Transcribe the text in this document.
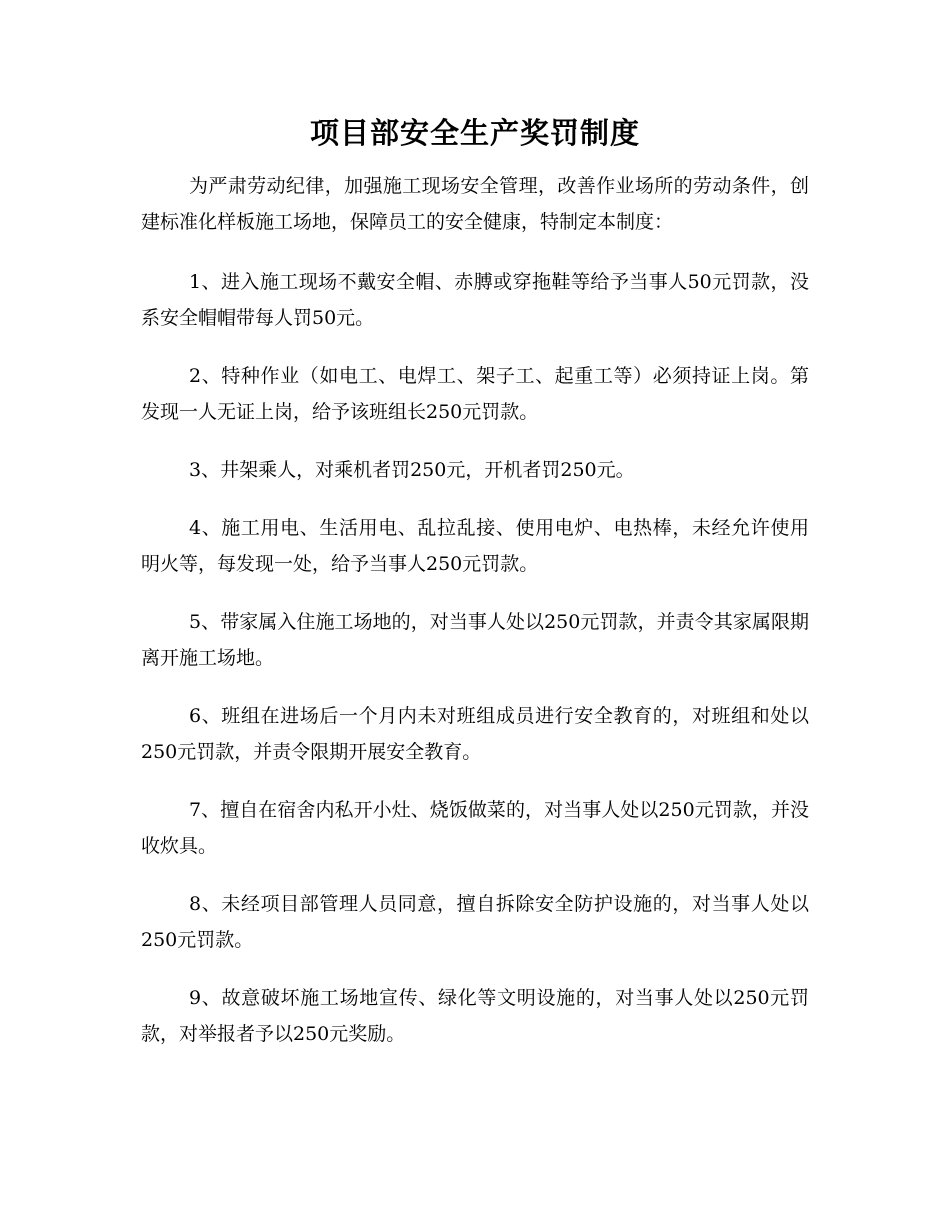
项目部安全生产奖罚制度

为严肃劳动纪律，加强施工现场安全管理，改善作业场所的劳动条件，创建标准化样板施工场地，保障员工的安全健康，特制定本制度：

1、进入施工现场不戴安全帽、赤膊或穿拖鞋等给予当事人50元罚款，没系安全帽帽带每人罚50元。

2、特种作业（如电工、电焊工、架子工、起重工等）必须持证上岗。第发现一人无证上岗，给予该班组长250元罚款。

3、井架乘人，对乘机者罚250元，开机者罚250元。

4、施工用电、生活用电、乱拉乱接、使用电炉、电热棒，未经允许使用明火等，每发现一处，给予当事人250元罚款。

5、带家属入住施工场地的，对当事人处以250元罚款，并责令其家属限期离开施工场地。

6、班组在进场后一个月内未对班组成员进行安全教育的，对班组和处以250元罚款，并责令限期开展安全教育。

7、擅自在宿舍内私开小灶、烧饭做菜的，对当事人处以250元罚款，并没收炊具。

8、未经项目部管理人员同意，擅自拆除安全防护设施的，对当事人处以250元罚款。

9、故意破坏施工场地宣传、绿化等文明设施的，对当事人处以250元罚款，对举报者予以250元奖励。
